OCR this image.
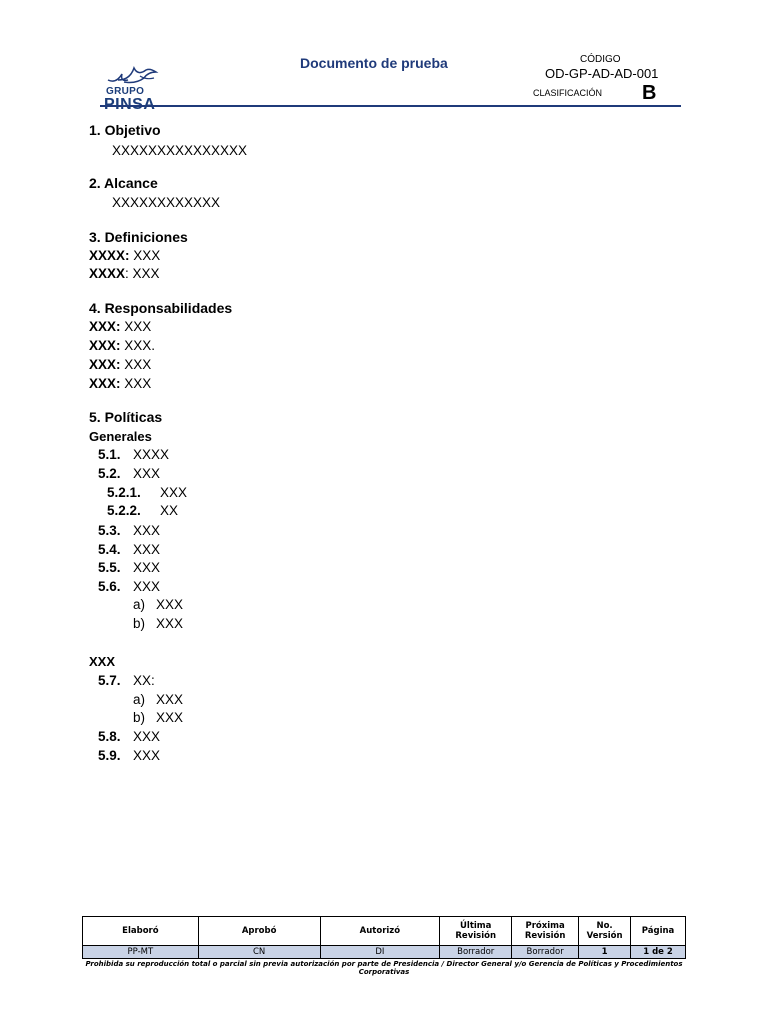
GRUPO
PINSA
Documento de prueba	CÓDIGO
OD-GP-AD-AD-001
CLASIFICACIÓN B
1. Objetivo
XXXXXXXXXXXXXXX
2. Alcance
XXXXXXXXXXXX
3. Definiciones
XXXX: XXX
XXXX: XXX
4. Responsabilidades
XXX: XXX
XXX: XXX.
XXX: XXX
XXX: XXX
5. Políticas
Generales
5.1. XXXX
5.2. XXX
5.2.1. XXX
5.2.2. XX
5.3. XXX
5.4. XXX
5.5. XXX
5.6. XXX
a) XXX
b) XXX
XXX
5.7. XX:
a) XXX
b) XXX
5.8. XXX
5.9. XXX
Elaboró	Aprobó	Autorizó	Última Revisión	Próxima Revisión	No. Versión	Página
PP-MT	CN	DI	Borrador	Borrador	1	1 de 2
Prohibida su reproducción total o parcial sin previa autorización por parte de Presidencia / Director General y/o Gerencia de Políticas y Procedimientos Corporativas
